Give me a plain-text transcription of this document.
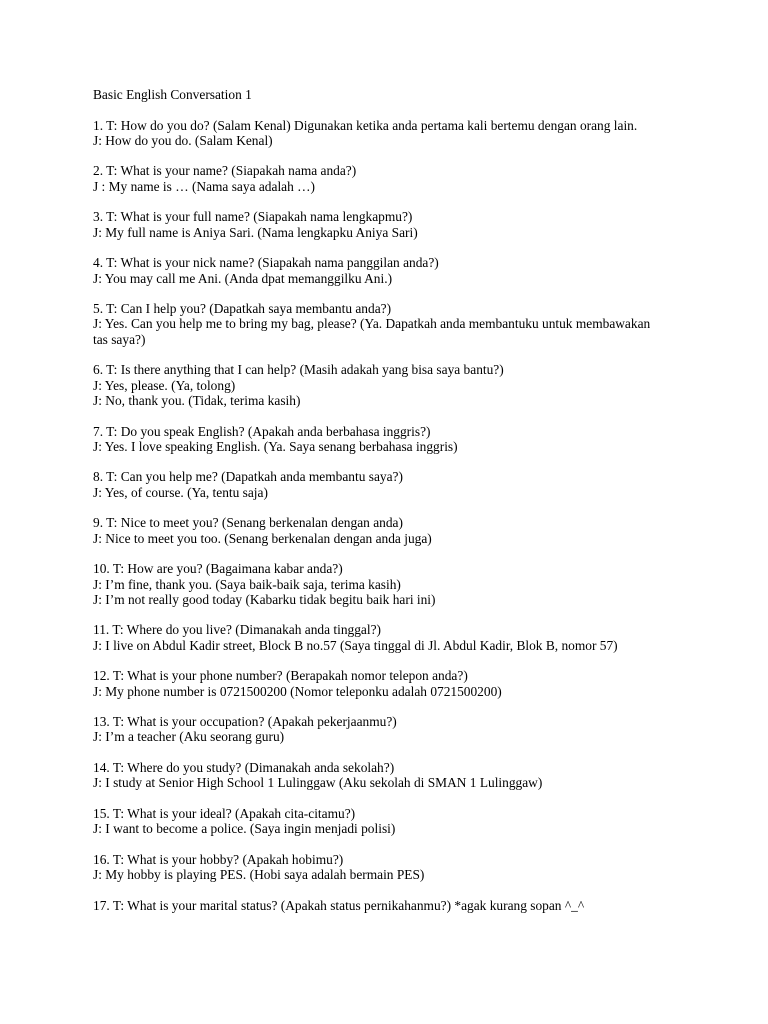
Basic English Conversation 1
1. T: How do you do? (Salam Kenal) Digunakan ketika anda pertama kali bertemu dengan orang lain.
J: How do you do. (Salam Kenal)
2. T: What is your name? (Siapakah nama anda?)
J : My name is … (Nama saya adalah …)
3. T: What is your full name? (Siapakah nama lengkapmu?)
J: My full name is Aniya Sari. (Nama lengkapku Aniya Sari)
4. T: What is your nick name? (Siapakah nama panggilan anda?)
J: You may call me Ani. (Anda dpat memanggilku Ani.)
5. T: Can I help you? (Dapatkah saya membantu anda?)
J: Yes. Can you help me to bring my bag, please? (Ya. Dapatkah anda membantuku untuk membawakan tas saya?)
6. T: Is there anything that I can help? (Masih adakah yang bisa saya bantu?)
J: Yes, please. (Ya, tolong)
J: No, thank you. (Tidak, terima kasih)
7. T: Do you speak English? (Apakah anda berbahasa inggris?)
J: Yes. I love speaking English. (Ya. Saya senang berbahasa inggris)
8. T: Can you help me? (Dapatkah anda membantu saya?)
J: Yes, of course. (Ya, tentu saja)
9. T: Nice to meet you? (Senang berkenalan dengan anda)
J: Nice to meet you too. (Senang berkenalan dengan anda juga)
10. T: How are you? (Bagaimana kabar anda?)
J: I’m fine, thank you. (Saya baik-baik saja, terima kasih)
J: I’m not really good today (Kabarku tidak begitu baik hari ini)
11. T: Where do you live? (Dimanakah anda tinggal?)
J: I live on Abdul Kadir street, Block B no.57 (Saya tinggal di Jl. Abdul Kadir, Blok B, nomor 57)
12. T: What is your phone number? (Berapakah nomor telepon anda?)
J: My phone number is 0721500200 (Nomor teleponku adalah 0721500200)
13. T: What is your occupation? (Apakah pekerjaanmu?)
J: I’m a teacher (Aku seorang guru)
14. T: Where do you study? (Dimanakah anda sekolah?)
J: I study at Senior High School 1 Lulinggaw (Aku sekolah di SMAN 1 Lulinggaw)
15. T: What is your ideal? (Apakah cita-citamu?)
J: I want to become a police. (Saya ingin menjadi polisi)
16. T: What is your hobby? (Apakah hobimu?)
J: My hobby is playing PES. (Hobi saya adalah bermain PES)
17. T: What is your marital status? (Apakah status pernikahanmu?) *agak kurang sopan ^_^
